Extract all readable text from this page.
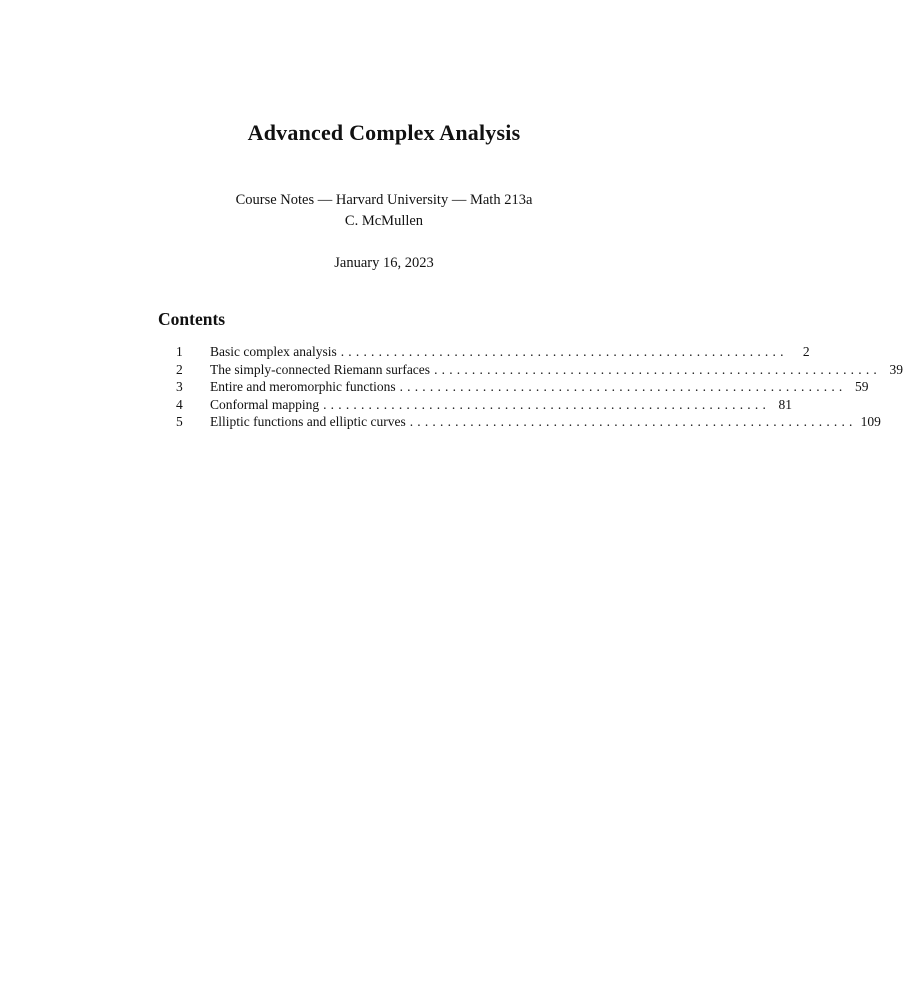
Advanced Complex Analysis
Course Notes — Harvard University — Math 213a
C. McMullen
January 16, 2023
Contents
1	Basic complex analysis ...........................................................	2
2	The simply-connected Riemann surfaces ........................................................... 39
3	Entire and meromorphic functions ........................................................... 59
4	Conformal mapping ........................................................... 81
5	Elliptic functions and elliptic curves ........................................................... 109
